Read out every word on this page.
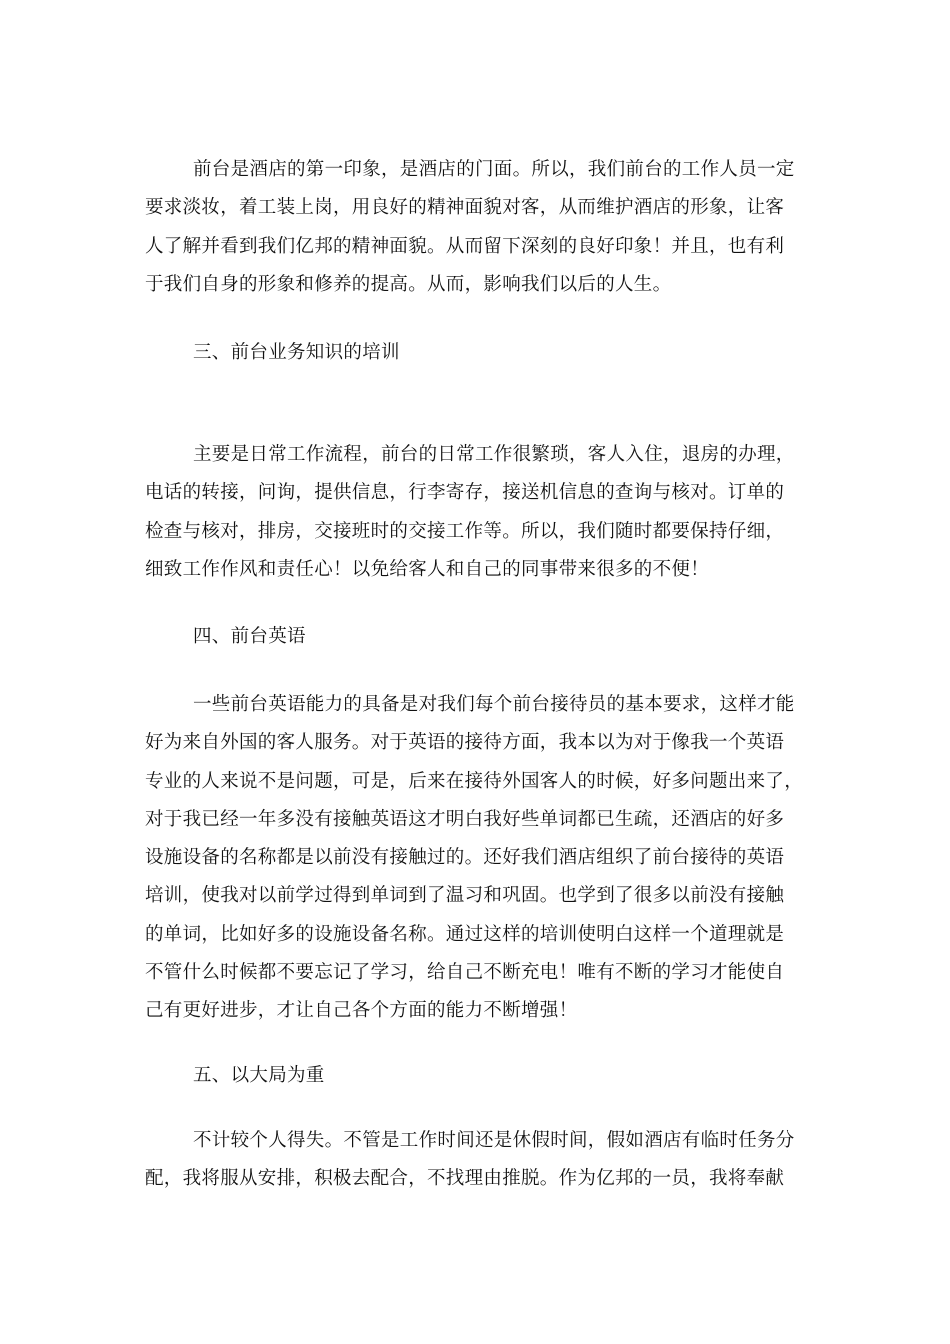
前台是酒店的第一印象，是酒店的门面。所以，我们前台的工作人员一定
要求淡妆，着工装上岗，用良好的精神面貌对客，从而维护酒店的形象，让客
人了解并看到我们亿邦的精神面貌。从而留下深刻的良好印象！并且，也有利
于我们自身的形象和修养的提高。从而，影响我们以后的人生。
三、前台业务知识的培训
主要是日常工作流程，前台的日常工作很繁琐，客人入住，退房的办理，
电话的转接，问询，提供信息，行李寄存，接送机信息的查询与核对。订单的
检查与核对，排房，交接班时的交接工作等。所以，我们随时都要保持仔细，
细致工作作风和责任心！以免给客人和自己的同事带来很多的不便！
四、前台英语
一些前台英语能力的具备是对我们每个前台接待员的基本要求，这样才能
好为来自外国的客人服务。对于英语的接待方面，我本以为对于像我一个英语
专业的人来说不是问题，可是，后来在接待外国客人的时候，好多问题出来了，
对于我已经一年多没有接触英语这才明白我好些单词都已生疏，还酒店的好多
设施设备的名称都是以前没有接触过的。还好我们酒店组织了前台接待的英语
培训，使我对以前学过得到单词到了温习和巩固。也学到了很多以前没有接触
的单词，比如好多的设施设备名称。通过这样的培训使明白这样一个道理就是
不管什么时候都不要忘记了学习，给自己不断充电！唯有不断的学习才能使自
己有更好进步，才让自己各个方面的能力不断增强！
五、以大局为重
不计较个人得失。不管是工作时间还是休假时间，假如酒店有临时任务分
配，我将服从安排，积极去配合，不找理由推脱。作为亿邦的一员，我将奉献
